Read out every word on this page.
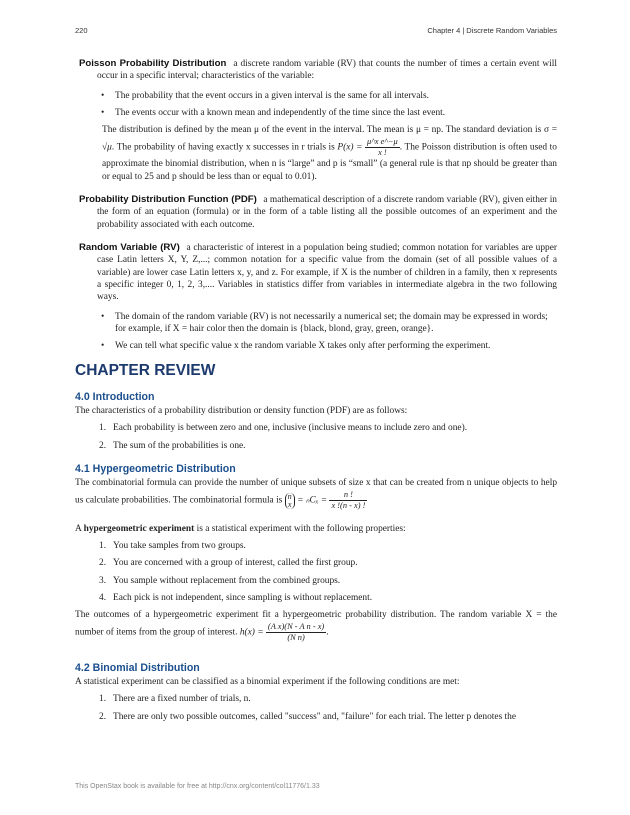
220	Chapter 4 | Discrete Random Variables
Poisson Probability Distribution a discrete random variable (RV) that counts the number of times a certain event will occur in a specific interval; characteristics of the variable:
• The probability that the event occurs in a given interval is the same for all intervals.
• The events occur with a known mean and independently of the time since the last event.
The distribution is defined by the mean μ of the event in the interval. The mean is μ = np. The standard deviation is σ = √μ. The probability of having exactly x successes in r trials is $P(x) = \frac{\text{μ\textasciicircum{}x e\textasciicircum{}−μ}}{x !}$ . The Poisson distribution is often used to approximate the binomial distribution, when n is “large” and p is “small” (a general rule is that np should be greater than or equal to 25 and p should be less than or equal to 0.01).
Probability Distribution Function (PDF) a mathematical description of a discrete random variable (RV), given either in the form of an equation (formula) or in the form of a table listing all the possible outcomes of an experiment and the probability associated with each outcome.
Random Variable (RV) a characteristic of interest in a population being studied; common notation for variables are upper case Latin letters X, Y, Z,...; common notation for a specific value from the domain (set of all possible values of a variable) are lower case Latin letters x, y, and z. For example, if X is the number of children in a family, then x represents a specific integer 0, 1, 2, 3,.... Variables in statistics differ from variables in intermediate algebra in the two following ways.
• The domain of the random variable (RV) is not necessarily a numerical set; the domain may be expressed in words; for example, if X = hair color then the domain is {black, blond, gray, green, orange}.
• We can tell what specific value x the random variable X takes only after performing the experiment.
CHAPTER REVIEW
4.0 Introduction
The characteristics of a probability distribution or density function (PDF) are as follows:
1. Each probability is between zero and one, inclusive (inclusive means to include zero and one).
2. The sum of the probabilities is one.
4.1 Hypergeometric Distribution
The combinatorial formula can provide the number of unique subsets of size x that can be created from n unique objects to help us calculate probabilities. The combinatorial formula is n
$x = _nC_x = \frac{n !}{x !(n - x) !}$
A hypergeometric experiment is a statistical experiment with the following properties:
1. You take samples from two groups.
2. You are concerned with a group of interest, called the first group.
3. You sample without replacement from the combined groups.
4. Each pick is not independent, since sampling is without replacement.
The outcomes of a hypergeometric experiment fit a hypergeometric probability distribution. The random variable X = the number of items from the group of interest. $h(x) = \frac{\text{(A x)(N - A n - x)}}{\text{(N n)}}$ .
4.2 Binomial Distribution
A statistical experiment can be classified as a binomial experiment if the following conditions are met:
1. There are a fixed number of trials, n.
2. There are only two possible outcomes, called "success" and, "failure" for each trial. The letter p denotes the
This OpenStax book is available for free at http://cnx.org/content/col11776/1.33
